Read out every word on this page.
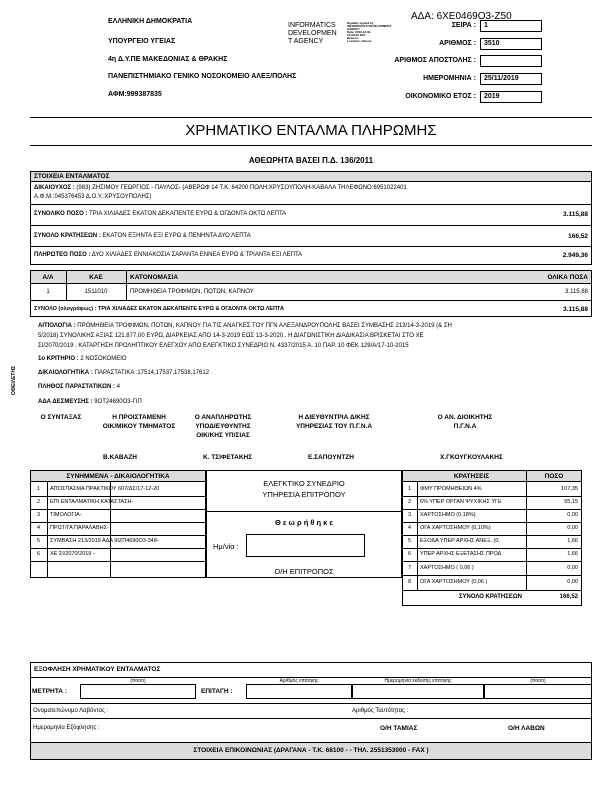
ΑΔΑ: 6ΧΕ0469Ο3-Ζ50
ΕΛΛΗΝΙΚΗ ΔΗΜΟΚΡΑΤΙΑ
ΥΠΟΥΡΓΕΙΟ ΥΓΕΙΑΣ
4η Δ.Υ.ΠΕ ΜΑΚΕΔΟΝΙΑΣ & ΘΡΑΚΗΣ
ΠΑΝΕΠΙΣΤΗΜΙΑΚΟ ΓΕΝΙΚΟ ΝΟΣΟΚΟΜΕΙΟ ΑΛΕΞ/ΠΟΛΗΣ
ΑΦΜ:999387835
INFORMATICS
DEVELOPMEN
T AGENCY
Digitally signed by
INFORMATICS DEVELOPMENT
AGENCY
Date: 2019.12.09
13:09:25 EET
Reason:
Location: Athens
ΣΕΙΡΑ :	1
ΑΡΙΘΜΟΣ :	3510
ΑΡΙΘΜΟΣ ΑΠΟΣΤΟΛΗΣ :
ΗΜΕΡΟΜΗΝΙΑ :	25/11/2019
ΟΙΚΟΝΟΜΙΚΟ ΕΤΟΣ :	2019
ΧΡΗΜΑΤΙΚΟ ΕΝΤΑΛΜΑ ΠΛΗΡΩΜΗΣ
ΑΘΕΩΡΗΤΑ ΒΑΣΕΙ Π.Δ. 136/2011
ΣΤΟΙΧΕΙΑ ΕΝΤΑΛΜΑΤΟΣ
ΔΙΚΑΙΟΥΧΟΣ : (983) ΖΗΣΙΜΟΥ ΓΕΩΡΓΙΟΣ - ΠΑΥΛΟΣ- (ΑΒΕΡΩΦ 14 Τ.Κ. 64200 ΠΟΛΗ:ΧΡΥΣΟΥΠΟΛΗ-ΚΑΒΑΛΑ ΤΗΛΕΦΩΝΟ:6951022401
Α.Φ.Μ.:045376453 Δ.Ο.Υ.:ΧΡΥΣΟΥΠΟΛΗΣ)
ΣΥΝΟΛΙΚΟ ΠΟΣΟ : ΤΡΙΑ ΧΙΛΙΑΔΕΣ ΕΚΑΤΟΝ ΔΕΚΑΠΕΝΤΕ ΕΥΡΩ & ΟΓΔΟΝΤΑ ΟΚΤΩ ΛΕΠΤΑ	3.115,88
ΣΥΝΟΛΟ ΚΡΑΤΗΣΕΩΝ : ΕΚΑΤΟΝ ΕΞΗΝΤΑ ΕΞΙ ΕΥΡΩ & ΠΕΝΗΝΤΑ ΔΥΟ ΛΕΠΤΑ	166,52
ΠΛΗΡΩΤΕΟ ΠΟΣΟ : ΔΥΟ ΧΙΛΙΑΔΕΣ ΕΝΝΙΑΚΟΣΙΑ ΣΑΡΑΝΤΑ ΕΝΝΕΑ ΕΥΡΩ & ΤΡΙΑΝΤΑ ΕΞΙ ΛΕΠΤΑ	2.949,36
Α/Α	ΚΑΕ	ΚΑΤΟΝΟΜΑΣΙΑ	ΟΛΙΚΑ ΠΟΣΑ
1	1511010	ΠΡΟΜΗΘΕΙΑ ΤΡΟΦΙΜΩΝ, ΠΟΤΩΝ, ΚΑΠΝΟΥ	3.115,88
ΣΥΝΟΛΟ (ολογράφως) : ΤΡΙΑ ΧΙΛΙΑΔΕΣ ΕΚΑΤΟΝ ΔΕΚΑΠΕΝΤΕ ΕΥΡΩ & ΟΓΔΟΝΤΑ ΟΚΤΩ ΛΕΠΤΑ	3.115,88
ΑΙΤΙΟΛΟΓΙΑ : ΠΡΟΜΗΘΕΙΑ ΤΡΟΦΙΜΩΝ, ΠΟΤΩΝ, ΚΑΠΝΟΥ ΓΙΑ ΤΙΣ ΑΝΑΓΚΕΣ ΤΟΥ ΠΓΝ ΑΛΕΞΑΝΔΡΟΥΠΟΛΗΣ ΒΑΣΕΙ ΣΥΜΒΑΣΗΣ 213/14-3-2019 (& ΣΗ
5/2018) ΣΥΝΟΛΙΚΗΣ ΑΞΙΑΣ 121.877,00 ΕΥΡΩ, ΔΙΑΡΚΕΙΑΣ ΑΠΟ 14-3-2019 ΕΩΣ 13-3-2020.. Η ΔΙΑΓΩΝΙΣΤΙΚΗ ΔΙΑΔΙΚΑΣΙΑ ΒΡΙΣΚΕΤΑΙ ΣΤΟ ΧΕ
ΣΙ/2070/2019 , ΚΑΤΑΡΓΗΣΗ ΠΡΟΛΗΠΤΙΚΟΥ ΕΛΕΓΧΟΥ ΑΠΟ ΕΛΕΓΚΤΙΚΟ ΣΥΝΕΔΡΙΟ Ν. 4337/2015 Α. 10 ΠΑΡ. 10 ΦΕΚ 129/Α/17-10-2015
1ο ΚΡΙΤΗΡΙΟ : 2 ΝΟΣΟΚΟΜΕΙΟ
ΔΙΚΑΙΟΛΟΓΗΤΙΚΑ : ΠΑΡΑΣΤΑΤΙΚΑ :17514,17537,17538,17612
ΠΛΗΘΟΣ ΠΑΡΑΣΤΑΤΙΚΩΝ : 4
ΑΔΑ ΔΕΣΜΕΥΣΗΣ : 9ΟΤ24690Ο3-ΓΙΠ
ΟΦΕΙΛΕΤΗΣ
Ο ΣΥΝΤΑΞΑΣ	Η ΠΡΟΙΣΤΑΜΕΝΗ
ΟΙΚ/ΜΙΚΟΥ ΤΜΗΜΑΤΟΣ
Ο ΑΝΑΠΛΗΡΩΤΗΣ
ΥΠΟΔΙΕΥΘΥΝΤΗΣ
ΟΙΚ/ΚΗΣ ΥΠ/ΣΙΑΣ
Η ΔΙΕΥΘΥΝΤΡΙΑ Δ/ΚΗΣ
ΥΠΗΡΕΣΙΑΣ ΤΟΥ Π.Γ.Ν.Α
Ο ΑΝ. ΔΙΟΙΚΗΤΗΣ
Π.Γ.Ν.Α
Β.ΚΑΒΑΖΗ	Κ. ΤΣΙΦΕΤΑΚΗΣ	Ε.ΣΑΠΟΥΝΤΖΗ	Χ.ΓΚΟΥΓΚΟΥΛΑΚΗΣ
ΣΥΝΗΜΜΕΝΑ - ΔΙΚΑΙΟΛΟΓΗΤΙΚΑ
1	ΑΠΟΣΠΑΣΜΑ ΠΡΑΚΤΙΚΟΥ 607/ΔΣ/17-12-20
2	ΕΠΙ ΕΝΤΑΛΜΑΤΙΚΗ ΚΑΤΑΣΤΑΣΗ-
3	ΤΙΜΟΛΟΓΙΑ-
4	ΠΡΩΤ/ΓΑ ΠΑΡΑΛΑΒΗΣ-
5	ΣΥΜΒΑΣΗ 213/2019 ΑΔΑ 9ΙΖΠ4690Ο3-348-
6	ΧΕ ΣΙ/2070/2019 -
ΕΛΕΓΚΤΙΚΟ ΣΥΝΕΔΡΙΟ
ΥΠΗΡΕΣΙΑ ΕΠΙΤΡΟΠΟΥ
Θ ε ω ρ ή θ η κ ε
Ημ/νία :
Ο/Η ΕΠΙΤΡΟΠΟΣ
ΚΡΑΤΗΣΕΙΣ	ΠΟΣΟ
1	ΦΜΥ ΠΡΟΜΗΘΕΙΩΝ 4%	107,35
2	6% ΥΠΕΡ ΟΡΓΑΝ ΨΥΧΙΚΗΣ ΥΓΕ	55,15
3	ΧΑΡΤΟΣΗΜΟ (0,18%)	0,00
4	ΟΓΑ ΧΑΡΤΟΣΗΜΟΥ (0,10%)	0,00
5	ΕΞΟΔΑ ΥΠΕΡ ΑΡΧΗΣ ΑΝΕΞ. (0,	1,66
6	ΥΠΕΡ ΑΡΧΗΣ ΕΞΕΤΑΣΗΣ ΠΡΟΔ	1,66
7	ΧΑΡΤΟΣΗΜΟ ( 0,06 )	0,00
8	ΟΓΑ ΧΑΡΤΟΣΗΜΟΥ (0,06 )	0,00
ΣΥΝΟΛΟ ΚΡΑΤΗΣΕΩΝ	166,52
ΕΞΟΦΛΗΣΗ ΧΡΗΜΑΤΙΚΟΥ ΕΝΤΑΛΜΑΤΟΣ
ΜΕΤΡΗΤΑ :
(ποσό)
ΕΠΙΤΑΓΗ :
Αριθμός επιταγής	Ημερομηνία έκδοσης επιταγής	(ποσό)
Ονοματεπώνυμο Λαβόντος :	Αριθμός Ταυτότητας :
Ημερομηνία Εξόφλησης :	Ο/Η ΤΑΜΙΑΣ	Ο/Η ΛΑΒΩΝ
ΣΤΟΙΧΕΙΑ ΕΠΙΚΟΙΝΩΝΙΑΣ (ΔΡΑΓΑΝΑ - Τ.Κ. 68100 - - ΤΗΛ. 2551353000 - FAX )
